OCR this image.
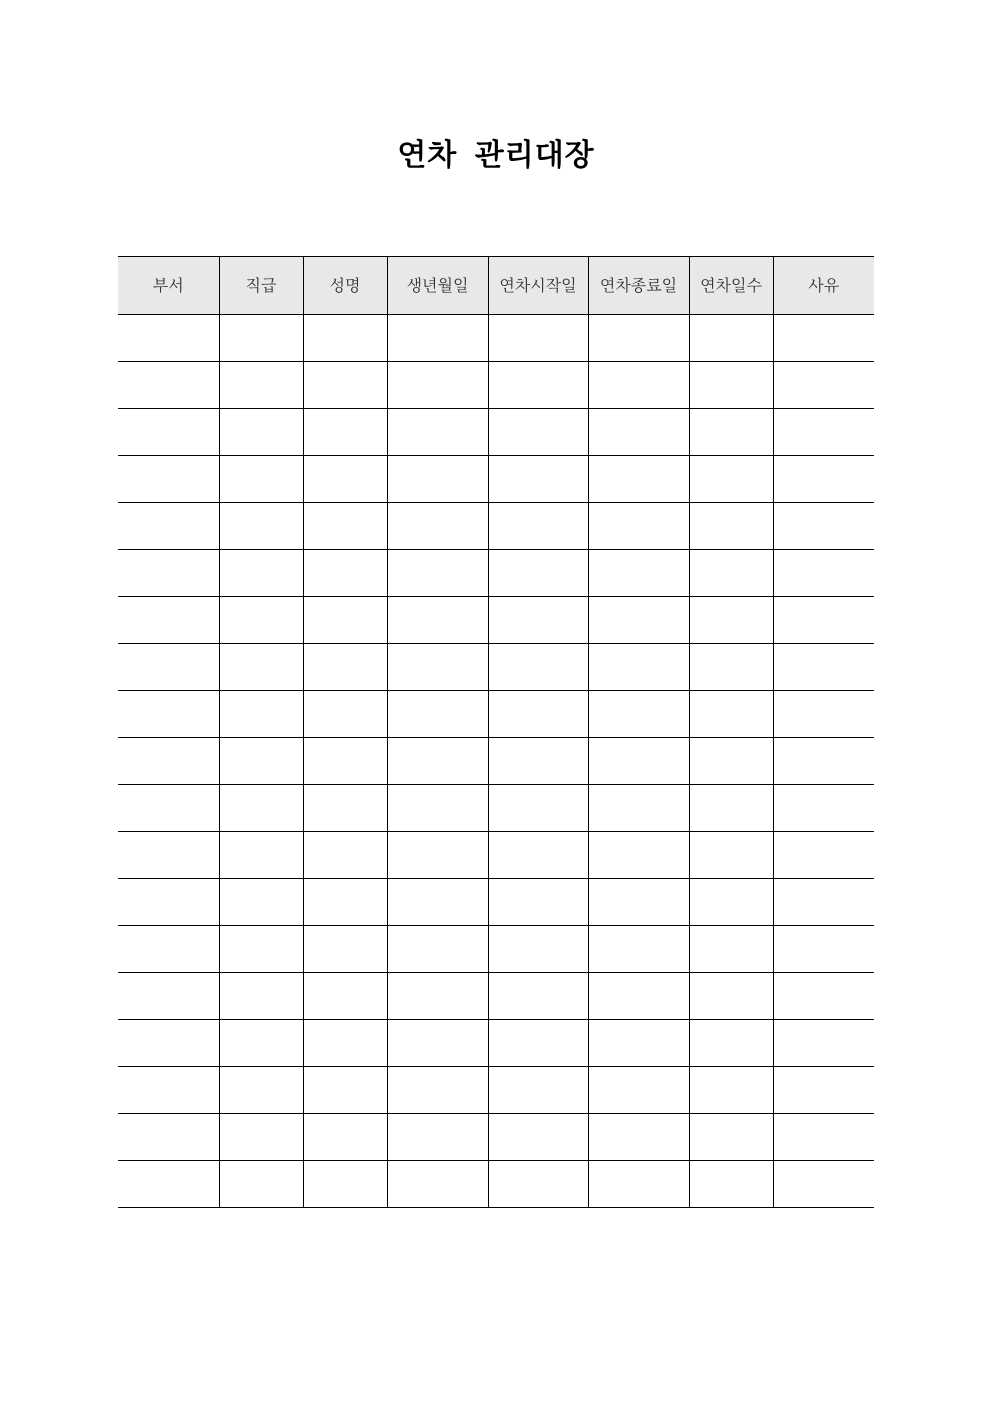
연차 관리대장
부서	직급	성명	생년월일	연차시작일	연차종료일	연차일수	사유
